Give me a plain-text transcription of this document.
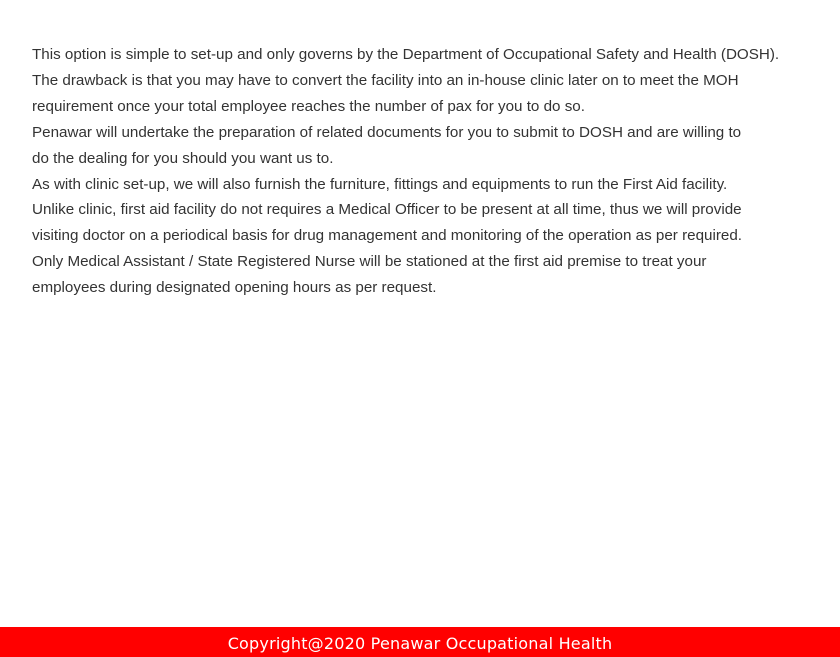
This option is simple to set-up and only governs by the Department of Occupational Safety and Health (DOSH).

The drawback is that you may have to convert the facility into an in-house clinic later on to meet the MOH

requirement once your total employee reaches the number of pax for you to do so.

Penawar will undertake the preparation of related documents for you to submit to DOSH and are willing to

do the dealing for you should you want us to.

As with clinic set-up, we will also furnish the furniture, fittings and equipments to run the First Aid facility.

Unlike clinic, first aid facility do not requires a Medical Officer to be present at all time, thus we will provide

visiting doctor on a periodical basis for drug management and monitoring of the operation as per required.

Only Medical Assistant / State Registered Nurse will be stationed at the first aid premise to treat your

employees during designated opening hours as per request.

Copyright@2020 Penawar Occupational Health
